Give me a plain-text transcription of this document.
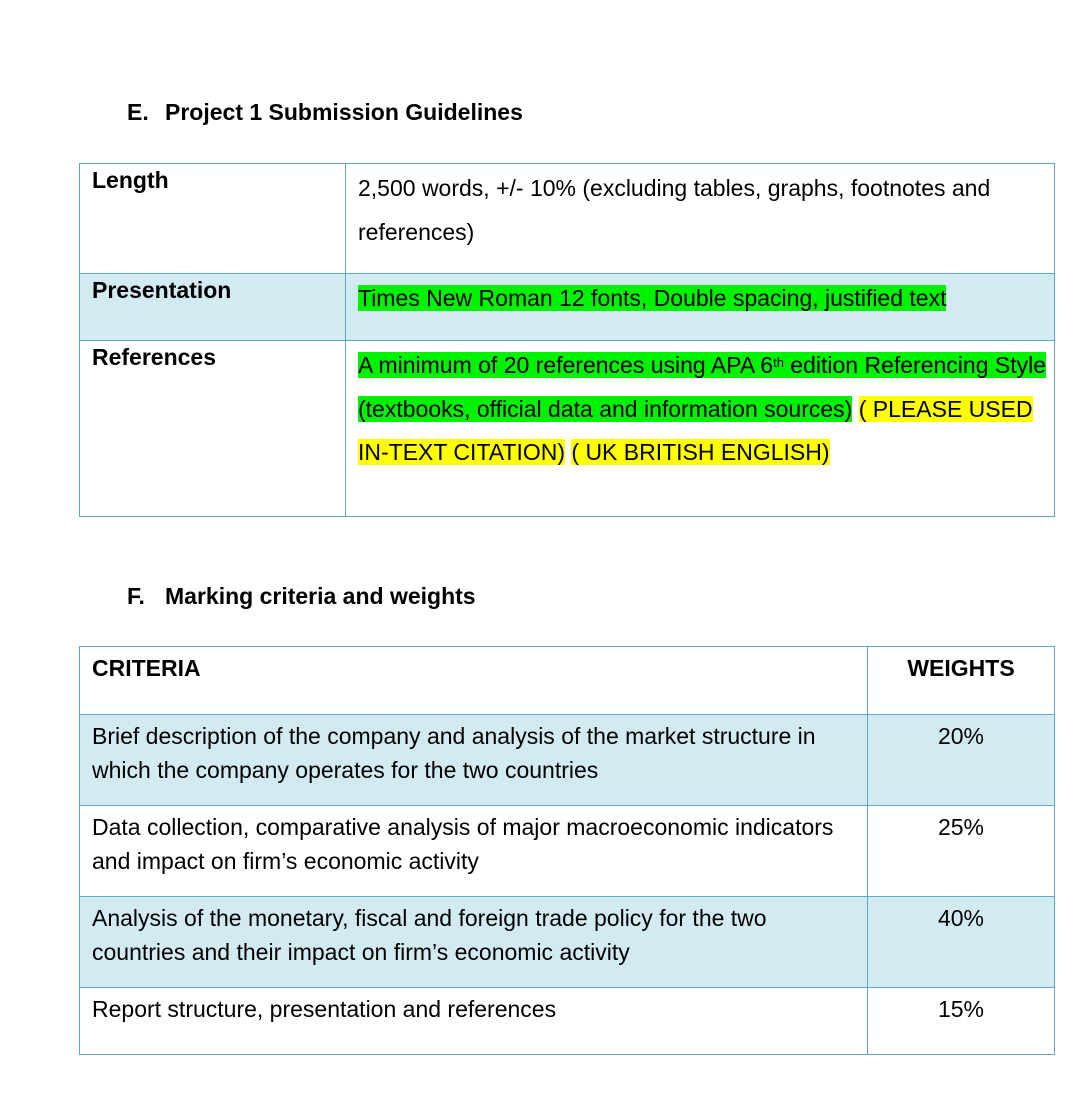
E. Project 1 Submission Guidelines
Length	2,500 words, +/- 10% (excluding tables, graphs, footnotes and references)
Presentation	Times New Roman 12 fonts, Double spacing, justified text
References	A minimum of 20 references using APA 6th edition Referencing Style (textbooks, official data and information sources) ( PLEASE USED IN-TEXT CITATION) ( UK BRITISH ENGLISH)
F. Marking criteria and weights
CRITERIA	WEIGHTS
Brief description of the company and analysis of the market structure in which the company operates for the two countries	20%
Data collection, comparative analysis of major macroeconomic indicators and impact on firm’s economic activity	25%
Analysis of the monetary, fiscal and foreign trade policy for the two countries and their impact on firm’s economic activity	40%
Report structure, presentation and references	15%
